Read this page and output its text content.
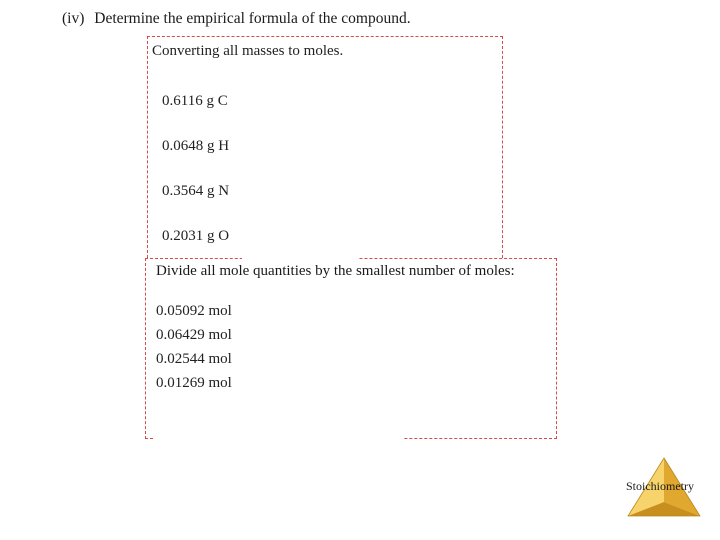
(iv) Determine the empirical formula of the compound.
Converting all masses to moles.
0.6116 g C
0.0648 g H
0.3564 g N
0.2031 g O
Divide all mole quantities by the smallest number of moles:
0.05092 mol
0.06429 mol
0.02544 mol
0.01269 mol
Stoichiometry
